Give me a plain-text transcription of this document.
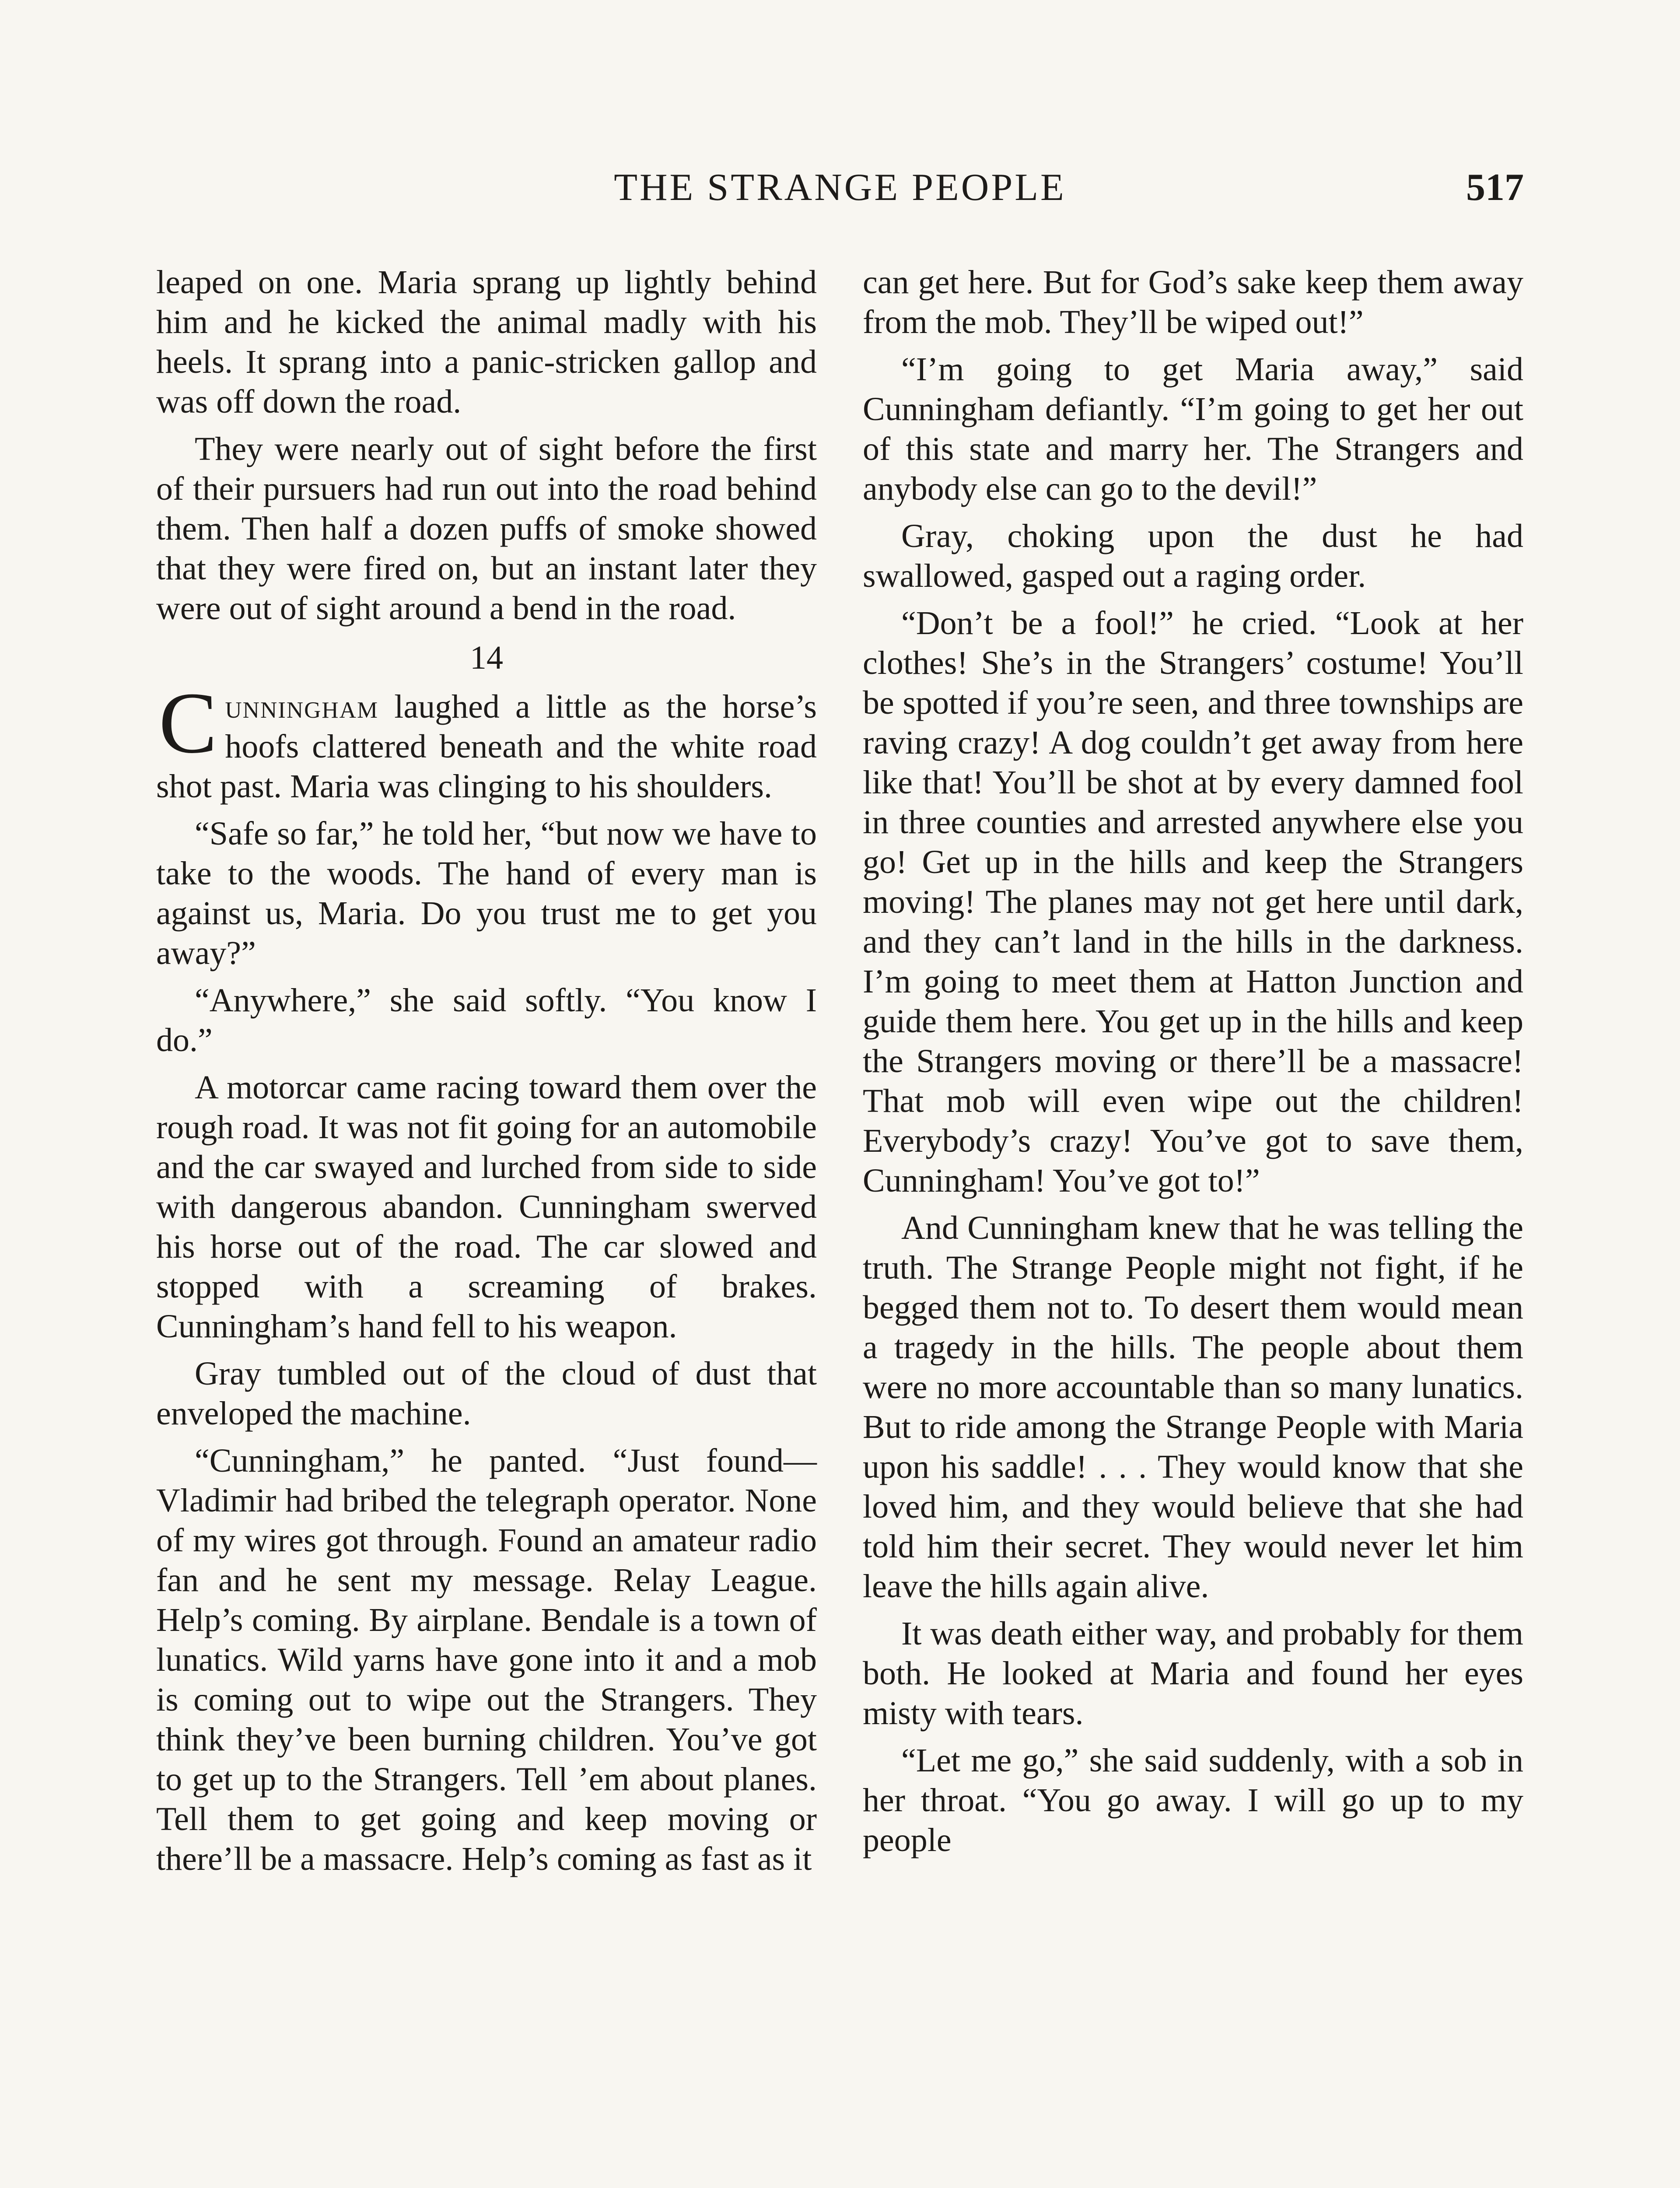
THE STRANGE PEOPLE	517

leaped on one. Maria sprang up lightly behind him and he kicked the animal madly with his heels. It sprang into a panic-stricken gallop and was off down the road.

They were nearly out of sight before the first of their pursuers had run out into the road behind them. Then half a dozen puffs of smoke showed that they were fired on, but an instant later they were out of sight around a bend in the road.

14

Cunningham laughed a little as the horse’s hoofs clattered beneath and the white road shot past. Maria was clinging to his shoulders.

“Safe so far,” he told her, “but now we have to take to the woods. The hand of every man is against us, Maria. Do you trust me to get you away?”

“Anywhere,” she said softly. “You know I do.”

A motorcar came racing toward them over the rough road. It was not fit going for an automobile and the car swayed and lurched from side to side with dangerous abandon. Cunningham swerved his horse out of the road. The car slowed and stopped with a screaming of brakes. Cunningham’s hand fell to his weapon.

Gray tumbled out of the cloud of dust that enveloped the machine.

“Cunningham,” he panted. “Just found—Vladimir had bribed the telegraph operator. None of my wires got through. Found an amateur radio fan and he sent my message. Relay League. Help’s coming. By airplane. Bendale is a town of lunatics. Wild yarns have gone into it and a mob is coming out to wipe out the Strangers. They think they’ve been burning children. You’ve got to get up to the Strangers. Tell ’em about planes. Tell them to get going and keep moving or there’ll be a massacre. Help’s coming as fast as it

can get here. But for God’s sake keep them away from the mob. They’ll be wiped out!”

“I’m going to get Maria away,” said Cunningham defiantly. “I’m going to get her out of this state and marry her. The Strangers and anybody else can go to the devil!”

Gray, choking upon the dust he had swallowed, gasped out a raging order.

“Don’t be a fool!” he cried. “Look at her clothes! She’s in the Strangers’ costume! You’ll be spotted if you’re seen, and three townships are raving crazy! A dog couldn’t get away from here like that! You’ll be shot at by every damned fool in three counties and arrested anywhere else you go! Get up in the hills and keep the Strangers moving! The planes may not get here until dark, and they can’t land in the hills in the darkness. I’m going to meet them at Hatton Junction and guide them here. You get up in the hills and keep the Strangers moving or there’ll be a massacre! That mob will even wipe out the children! Everybody’s crazy! You’ve got to save them, Cunningham! You’ve got to!”

And Cunningham knew that he was telling the truth. The Strange People might not fight, if he begged them not to. To desert them would mean a tragedy in the hills. The people about them were no more accountable than so many lunatics. But to ride among the Strange People with Maria upon his saddle! . . . They would know that she loved him, and they would believe that she had told him their secret. They would never let him leave the hills again alive.

It was death either way, and probably for them both. He looked at Maria and found her eyes misty with tears.

“Let me go,” she said suddenly, with a sob in her throat. “You go away. I will go up to my people
